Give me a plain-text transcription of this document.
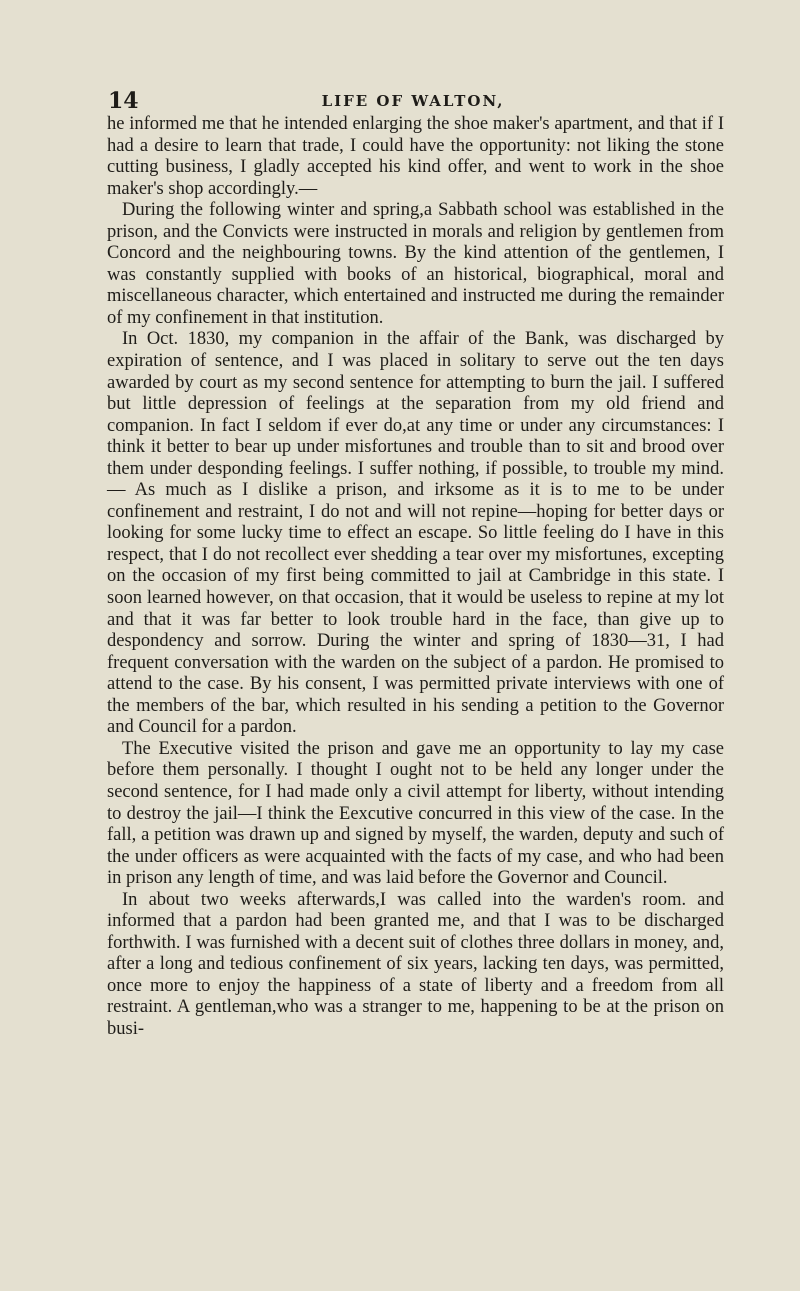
14	LIFE OF WALTON,

he informed me that he intended enlarging the shoe maker's apartment, and that if I had a desire to learn that trade, I could have the opportunity: not liking the stone cutting business, I gladly accepted his kind offer, and went to work in the shoe maker's shop accordingly.—

During the following winter and spring,a Sabbath school was established in the prison, and the Convicts were instructed in morals and religion by gentlemen from Concord and the neighbouring towns. By the kind attention of the gentlemen, I was constantly supplied with books of an historical, biographical, moral and miscellaneous character, which entertained and instructed me during the remainder of my confinement in that institution.

In Oct. 1830, my companion in the affair of the Bank, was discharged by expiration of sentence, and I was placed in solitary to serve out the ten days awarded by court as my second sentence for attempting to burn the jail. I suffered but little depression of feelings at the separation from my old friend and companion. In fact I seldom if ever do,at any time or under any circumstances: I think it better to bear up under misfortunes and trouble than to sit and brood over them under desponding feelings. I suffer nothing, if possible, to trouble my mind.— As much as I dislike a prison, and irksome as it is to me to be under confinement and restraint, I do not and will not repine—hoping for better days or looking for some lucky time to effect an escape. So little feeling do I have in this respect, that I do not recollect ever shedding a tear over my misfortunes, excepting on the occasion of my first being committed to jail at Cambridge in this state. I soon learned however, on that occasion, that it would be useless to repine at my lot and that it was far better to look trouble hard in the face, than give up to despondency and sorrow. During the winter and spring of 1830—31, I had frequent conversation with the warden on the subject of a pardon. He promised to attend to the case. By his consent, I was permitted private interviews with one of the members of the bar, which resulted in his sending a petition to the Governor and Council for a pardon.

The Executive visited the prison and gave me an opportunity to lay my case before them personally. I thought I ought not to be held any longer under the second sentence, for I had made only a civil attempt for liberty, without intending to destroy the jail—I think the Eexcutive concurred in this view of the case. In the fall, a petition was drawn up and signed by myself, the warden, deputy and such of the under officers as were acquainted with the facts of my case, and who had been in prison any length of time, and was laid before the Governor and Council.

In about two weeks afterwards,I was called into the warden's room. and informed that a pardon had been granted me, and that I was to be discharged forthwith. I was furnished with a decent suit of clothes three dollars in money, and, after a long and tedious confinement of six years, lacking ten days, was permitted, once more to enjoy the happiness of a state of liberty and a freedom from all restraint. A gentleman,who was a stranger to me, happening to be at the prison on busi-
